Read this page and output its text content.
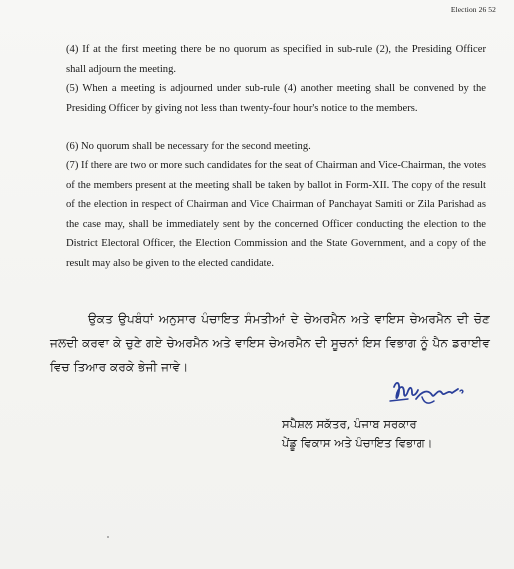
Election 26 52

(4) If at the first meeting there be no quorum as specified in sub-rule (2), the Presiding Officer shall adjourn the meeting.

(5) When a meeting is adjourned under sub-rule (4) another meeting shall be convened by the Presiding Officer by giving not less than twenty-four hour's notice to the members.

(6) No quorum shall be necessary for the second meeting.

(7) If there are two or more such candidates for the seat of Chairman and Vice-Chairman, the votes of the members present at the meeting shall be taken by ballot in Form-XII. The copy of the result of the election in respect of Chairman and Vice Chairman of Panchayat Samiti or Zila Parishad as the case may, shall be immediately sent by the concerned Officer conducting the election to the District Electoral Officer, the Election Commission and the State Government, and a copy of the result may also be given to the elected candidate.

ਉਕਤ ਉਪਬੰਧਾਂ ਅਨੁਸਾਰ ਪੰਚਾਇਤ ਸੰਮਤੀਆਂ ਦੇ ਚੇਅਰਮੈਨ ਅਤੇ ਵਾਇਸ ਚੇਅਰਮੈਨ ਦੀ ਚੋਣ ਜਲਦੀ ਕਰਵਾ ਕੇ ਚੁਣੇ ਗਏ ਚੇਅਰਮੈਨ ਅਤੇ ਵਾਇਸ ਚੇਅਰਮੈਨ ਦੀ ਸੂਚਨਾਂ ਇਸ ਵਿਭਾਗ ਨੂੰ ਪੈਨ ਡਰਾਈਵ ਵਿਚ ਤਿਆਰ ਕਰਕੇ ਭੇਜੀ ਜਾਵੇ।

ਸਪੈਸ਼ਲ ਸਕੱਤਰ, ਪੰਜਾਬ ਸਰਕਾਰ
ਪੇਂਡੂ ਵਿਕਾਸ ਅਤੇ ਪੰਚਾਇਤ ਵਿਭਾਗ।
